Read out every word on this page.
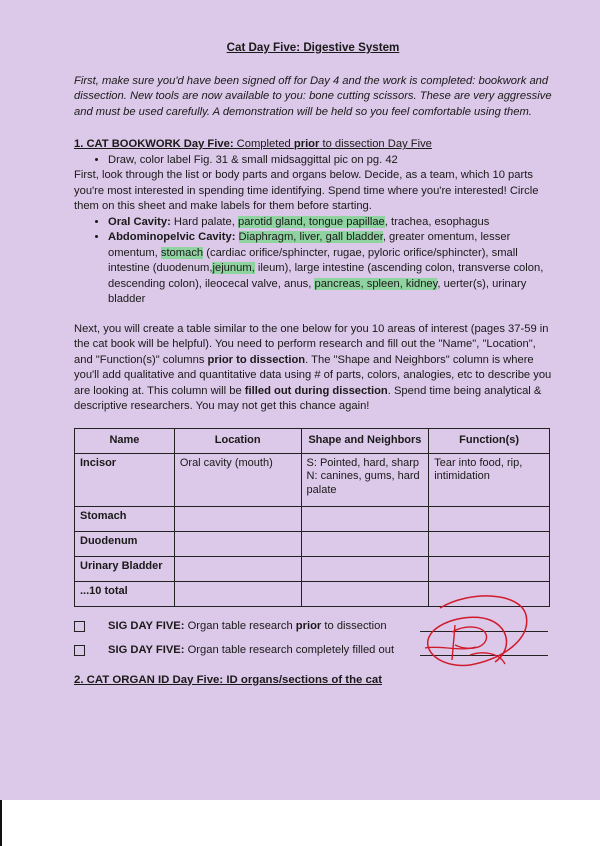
Cat Day Five: Digestive System

First, make sure you'd have been signed off for Day 4 and the work is completed: bookwork and dissection. New tools are now available to you: bone cutting scissors. These are very aggressive and must be used carefully. A demonstration will be held so you feel comfortable using them.

1. CAT BOOKWORK Day Five: Completed prior to dissection Day Five

• Draw, color label Fig. 31 & small midsaggittal pic on pg. 42

First, look through the list or body parts and organs below. Decide, as a team, which 10 parts you're most interested in spending time identifying. Spend time where you're interested! Circle them on this sheet and make labels for them before starting.

• Oral Cavity: Hard palate, parotid gland, tongue papillae, trachea, esophagus
• Abdominopelvic Cavity: Diaphragm, liver, gall bladder, greater omentum, lesser omentum, stomach (cardiac orifice/sphincter, rugae, pyloric orifice/sphincter), small intestine (duodenum,jejunum, ileum), large intestine (ascending colon, transverse colon, descending colon), ileocecal valve, anus, pancreas, spleen, kidney, uerter(s), urinary bladder

Next, you will create a table similar to the one below for you 10 areas of interest (pages 37-59 in the cat book will be helpful). You need to perform research and fill out the "Name", "Location", and "Function(s)" columns prior to dissection. The "Shape and Neighbors" column is where you'll add qualitative and quantitative data using # of parts, colors, analogies, etc to describe you are looking at. This column will be filled out during dissection. Spend time being analytical & descriptive researchers. You may not get this chance again!

Name	Location	Shape and Neighbors	Function(s)
Incisor	Oral cavity (mouth)	S: Pointed, hard, sharp N: canines, gums, hard palate	Tear into food, rip, intimidation
Stomach			
Duodenum			
Urinary Bladder			
...10 total			
SIG DAY FIVE: Organ table research prior to dissection
SIG DAY FIVE: Organ table research completely filled out
2. CAT ORGAN ID Day Five: ID organs/sections of the cat
